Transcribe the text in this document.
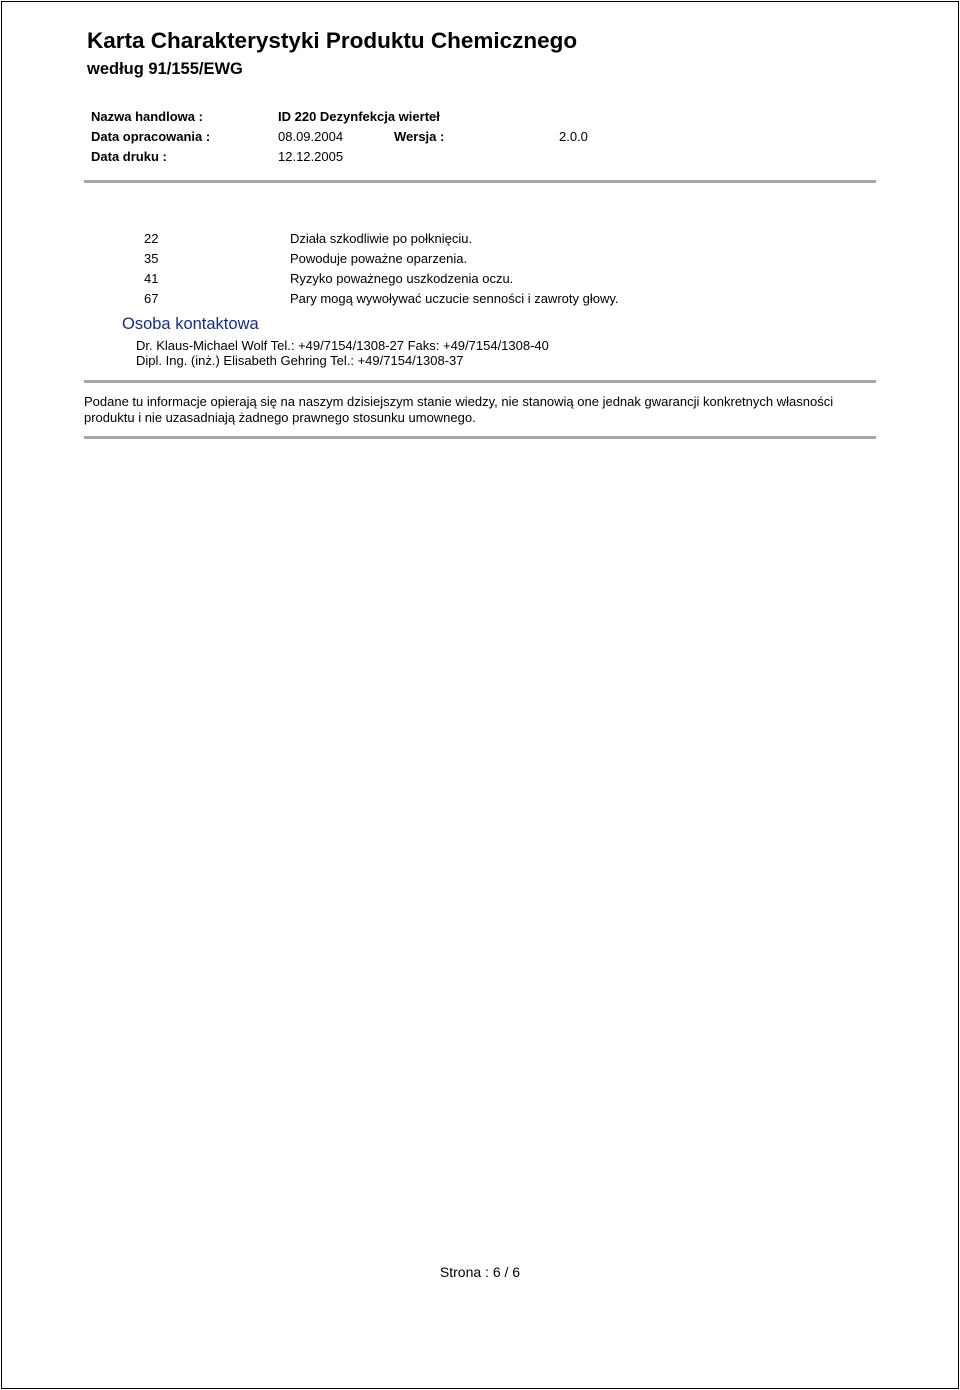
Karta Charakterystyki Produktu Chemicznego
według 91/155/EWG
Nazwa handlowa :	ID 220 Dezynfekcja wierteł
Data opracowania :	08.09.2004	Wersja :	2.0.0
Data druku :	12.12.2005
22	Działa szkodliwie po połknięciu.
35	Powoduje poważne oparzenia.
41	Ryzyko poważnego uszkodzenia oczu.
67	Pary mogą wywoływać uczucie senności i zawroty głowy.
Osoba kontaktowa
Dr. Klaus-Michael Wolf Tel.: +49/7154/1308-27 Faks: +49/7154/1308-40
Dipl. Ing. (inż.) Elisabeth Gehring Tel.: +49/7154/1308-37
Podane tu informacje opierają się na naszym dzisiejszym stanie wiedzy, nie stanowią one jednak gwarancji konkretnych własności produktu i nie uzasadniają żadnego prawnego stosunku umownego.
Strona : 6 / 6
